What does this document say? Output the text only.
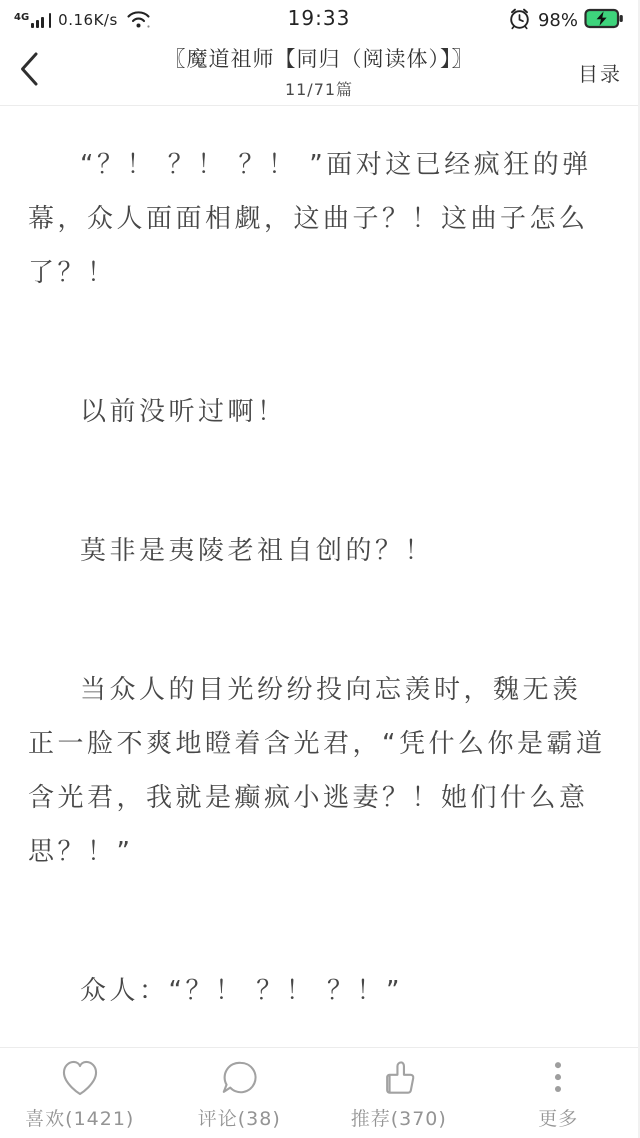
4G 0.16K/s	19:33	98%
〖魔道祖师【同归（阅读体）】〗
11/71篇
目录

“？！ ？！ ？！ ”面对这已经疯狂的弹幕，众人面面相觑，这曲子？！这曲子怎么了？！

以前没听过啊！

莫非是夷陵老祖自创的？！

当众人的目光纷纷投向忘羡时，魏无羡正一脸不爽地瞪着含光君，“凭什么你是霸道含光君，我就是癫疯小逃妻？！她们什么意思？！”

众人：“？！ ？！ ？！”

喜欢(1421)	评论(38)	推荐(370)	更多
